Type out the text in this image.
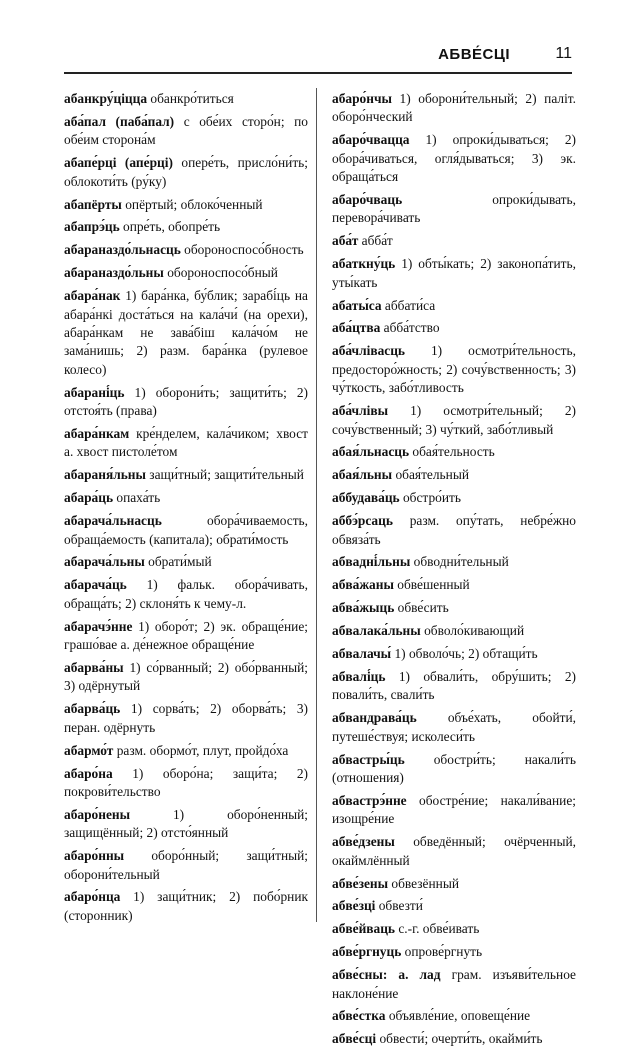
АБВЕ́СЦІ	11

абанкру́ціцца обанкро́титься

аба́пал (паба́пал) с обе́их сторо́н; по обе́им сторона́м

абапе́рці (апе́рці) опере́ть, присло́ни́ть; облокоти́ть (ру́ку)

абапёрты опёртый; облоко́ченный

абапрэ́ць опре́ть, обопре́ть

абараназдо́льнасць обороноспосо́бность

абараназдо́льны обороноспосо́бный

абара́нак 1) бара́нка, бу́блик; зарабі́ць на абара́нкі доста́ться на кала́чи́ (на орехи), абара́нкам не зава́біш кала́чо́м не зама́нишь; 2) разм. бара́нка (рулевое колесо)

абарані́ць 1) оборони́ть; защити́ть; 2) отстоя́ть (права)

абара́нкам кре́нделем, кала́чиком; хвост а. хвост пистоле́том

абараня́льны защи́тный; защити́тельный

абара́ць опаха́ть

абарача́льнасць обора́чиваемость, обраща́емость (капитала); обрати́мость

абарача́льны обрати́мый

абарача́ць 1) фальк. обора́чивать, обраща́ть; 2) склоня́ть к чему-л.

абарачэ́нне 1) оборо́т; 2) эк. обраще́ние; грашо́вае а. де́нежное обраще́ние

абарва́ны 1) со́рванный; 2) обо́рванный; 3) одёрнутый

абарва́ць 1) сорва́ть; 2) оборва́ть; 3) перан. одёрнуть

абармо́т разм. обормо́т, плут, пройдо́ха

абаро́на 1) оборо́на; защи́та; 2) покрови́тельство

абаро́нены 1) оборо́ненный; защищённый; 2) отсто́янный

абаро́нны оборо́нный; защи́тный; оборони́тельный

абаро́нца 1) защи́тник; 2) побо́рник (сторонник)

абаро́нчы 1) оборони́тельный; 2) паліт. оборо́нческий

абаро́чвацца 1) опроки́дываться; 2) обора́чиваться, огля́дываться; 3) эк. обраща́ться

абаро́чваць опроки́дывать, перевора́чивать

аба́т абба́т

абаткну́ць 1) обты́кать; 2) законопа́тить, уты́кать

абаты́са аббати́са

аба́цтва абба́тство

аба́члівасць 1) осмотри́тельность, предосторо́жность; 2) сочу́вственность; 3) чу́ткость, забо́тливость

аба́члівы 1) осмотри́тельный; 2) сочу́вственный; 3) чу́ткий, забо́тливый

абая́льнасць обая́тельность

абая́льны обая́тельный

аббудава́ць обстро́ить

аббэ́рсаць разм. опу́тать, небре́жно обвяза́ть

абвадні́льны обводни́тельный

абва́жаны обве́шенный

абва́жыць обве́сить

абвалака́льны обволо́кивающий

абвалачы́ 1) обволо́чь; 2) обтащи́ть

абвалі́ць 1) обвали́ть, обру́шить; 2) повали́ть, свали́ть

абвандрава́ць объе́хать, обойти́, путеше́ствуя; исколеси́ть

абвастры́ць обостри́ть; накали́ть (отношения)

абвастрэ́нне обостре́ние; накали́вание; изощре́ние

абве́дзены обведённый; очёрченный, окаймлённый

абве́зены обвезённый

абве́зці обвезти́

абве́йваць с.-г. обве́ивать

абве́ргнуць опрове́ргнуть

абве́сны: а. лад грам. изъяви́тельное наклоне́ние

абве́стка объявле́ние, оповеще́ние

абве́сці обвести́; очерти́ть, окайми́ть
